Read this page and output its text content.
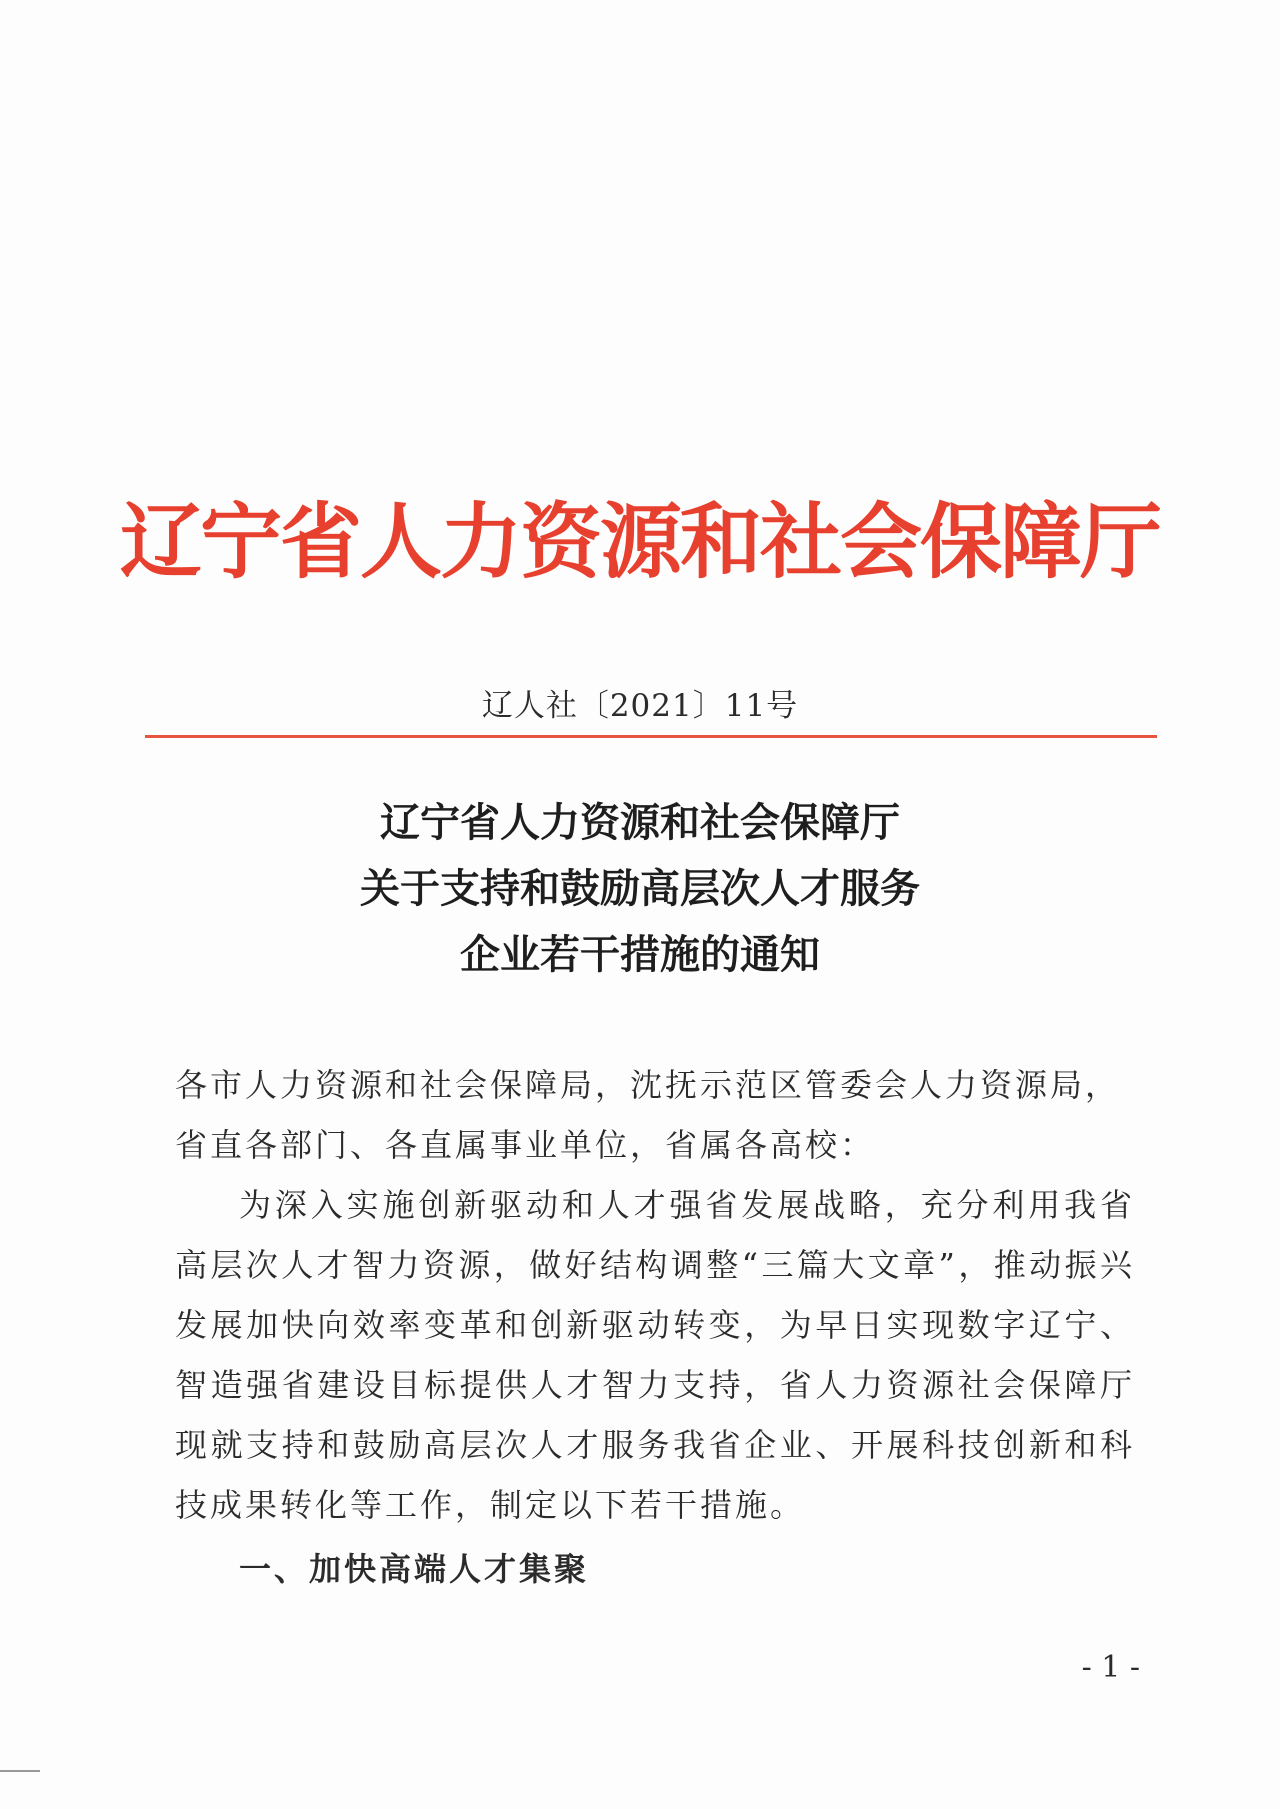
辽宁省人力资源和社会保障厅
辽人社〔2021〕11号
辽宁省人力资源和社会保障厅
关于支持和鼓励高层次人才服务
企业若干措施的通知

各市人力资源和社会保障局，沈抚示范区管委会人力资源局，省直各部门、各直属事业单位，省属各高校：

为深入实施创新驱动和人才强省发展战略，充分利用我省高层次人才智力资源，做好结构调整“三篇大文章”，推动振兴发展加快向效率变革和创新驱动转变，为早日实现数字辽宁、智造强省建设目标提供人才智力支持，省人力资源社会保障厅现就支持和鼓励高层次人才服务我省企业、开展科技创新和科技成果转化等工作，制定以下若干措施。

一、加快高端人才集聚

- 1 -
